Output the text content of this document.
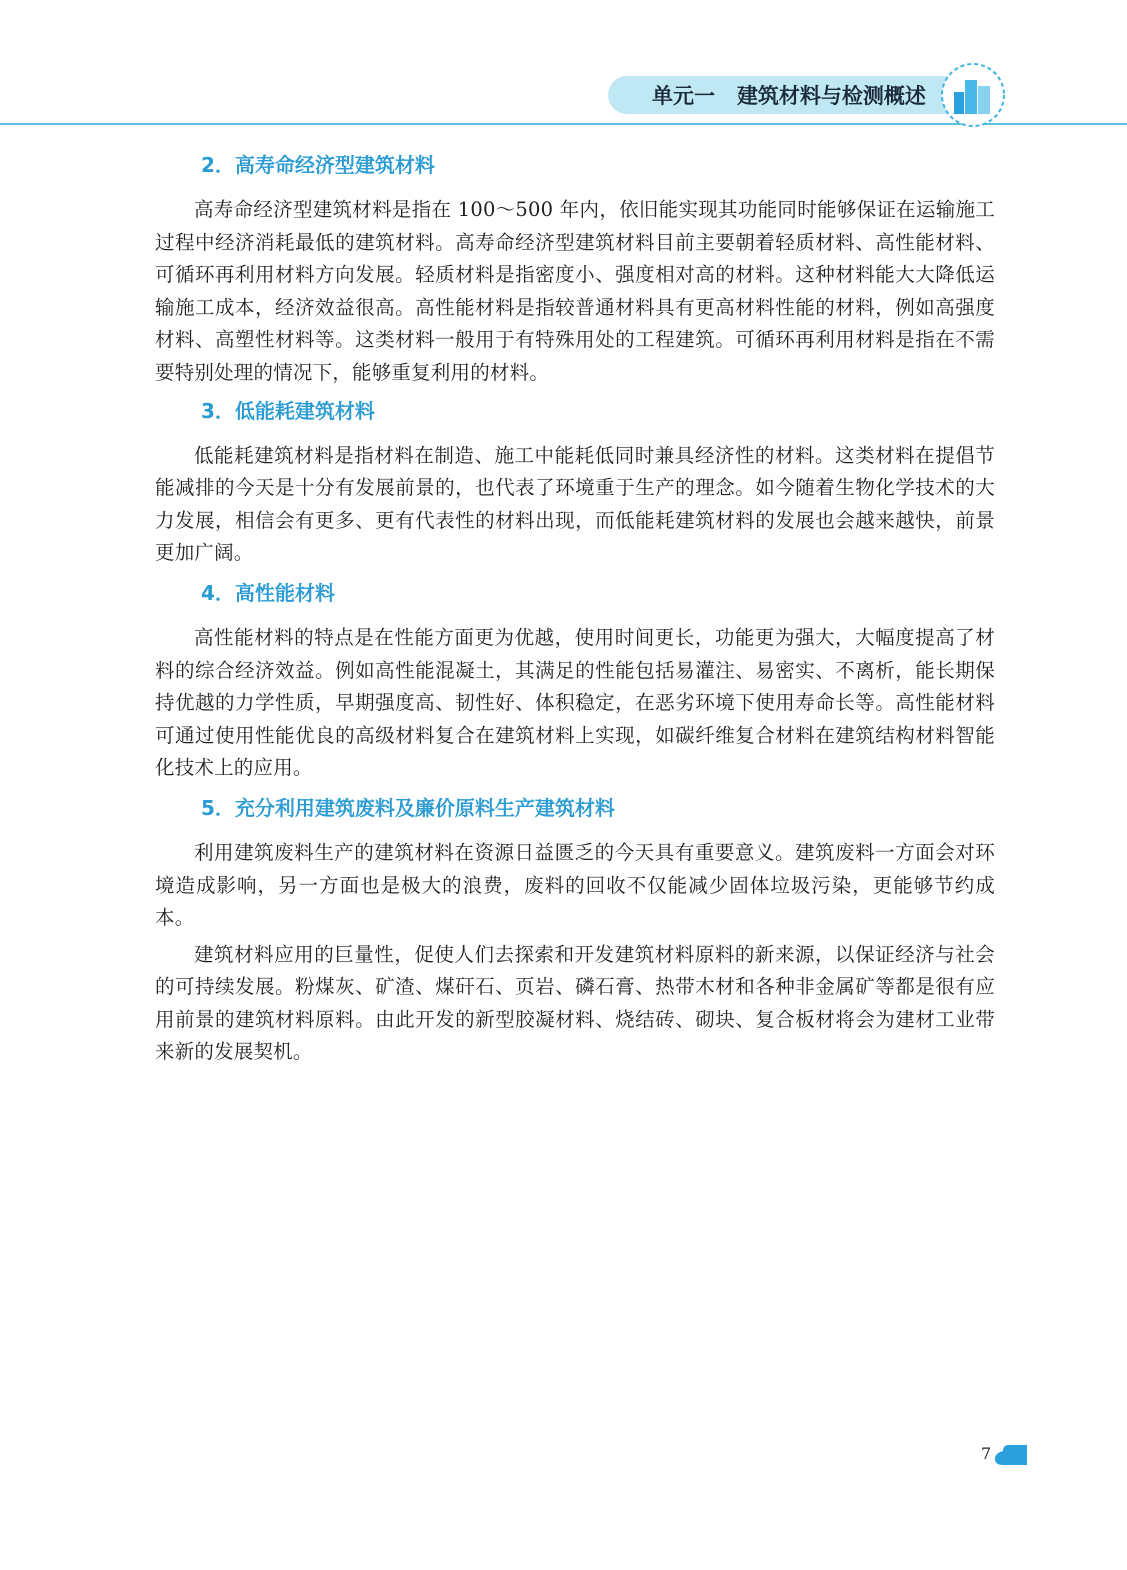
单元一 建筑材料与检测概述
2．高寿命经济型建筑材料

高寿命经济型建筑材料是指在 100～500 年内，依旧能实现其功能同时能够保证在运输施工过程中经济消耗最低的建筑材料。高寿命经济型建筑材料目前主要朝着轻质材料、高性能材料、可循环再利用材料方向发展。轻质材料是指密度小、强度相对高的材料。这种材料能大大降低运输施工成本，经济效益很高。高性能材料是指较普通材料具有更高材料性能的材料，例如高强度材料、高塑性材料等。这类材料一般用于有特殊用处的工程建筑。可循环再利用材料是指在不需要特别处理的情况下，能够重复利用的材料。

3．低能耗建筑材料

低能耗建筑材料是指材料在制造、施工中能耗低同时兼具经济性的材料。这类材料在提倡节能减排的今天是十分有发展前景的，也代表了环境重于生产的理念。如今随着生物化学技术的大力发展，相信会有更多、更有代表性的材料出现，而低能耗建筑材料的发展也会越来越快，前景更加广阔。

4．高性能材料

高性能材料的特点是在性能方面更为优越，使用时间更长，功能更为强大，大幅度提高了材料的综合经济效益。例如高性能混凝土，其满足的性能包括易灌注、易密实、不离析，能长期保持优越的力学性质，早期强度高、韧性好、体积稳定，在恶劣环境下使用寿命长等。高性能材料可通过使用性能优良的高级材料复合在建筑材料上实现，如碳纤维复合材料在建筑结构材料智能化技术上的应用。

5．充分利用建筑废料及廉价原料生产建筑材料

利用建筑废料生产的建筑材料在资源日益匮乏的今天具有重要意义。建筑废料一方面会对环境造成影响，另一方面也是极大的浪费，废料的回收不仅能减少固体垃圾污染，更能够节约成本。

建筑材料应用的巨量性，促使人们去探索和开发建筑材料原料的新来源，以保证经济与社会的可持续发展。粉煤灰、矿渣、煤矸石、页岩、磷石膏、热带木材和各种非金属矿等都是很有应用前景的建筑材料原料。由此开发的新型胶凝材料、烧结砖、砌块、复合板材将会为建材工业带来新的发展契机。

7
